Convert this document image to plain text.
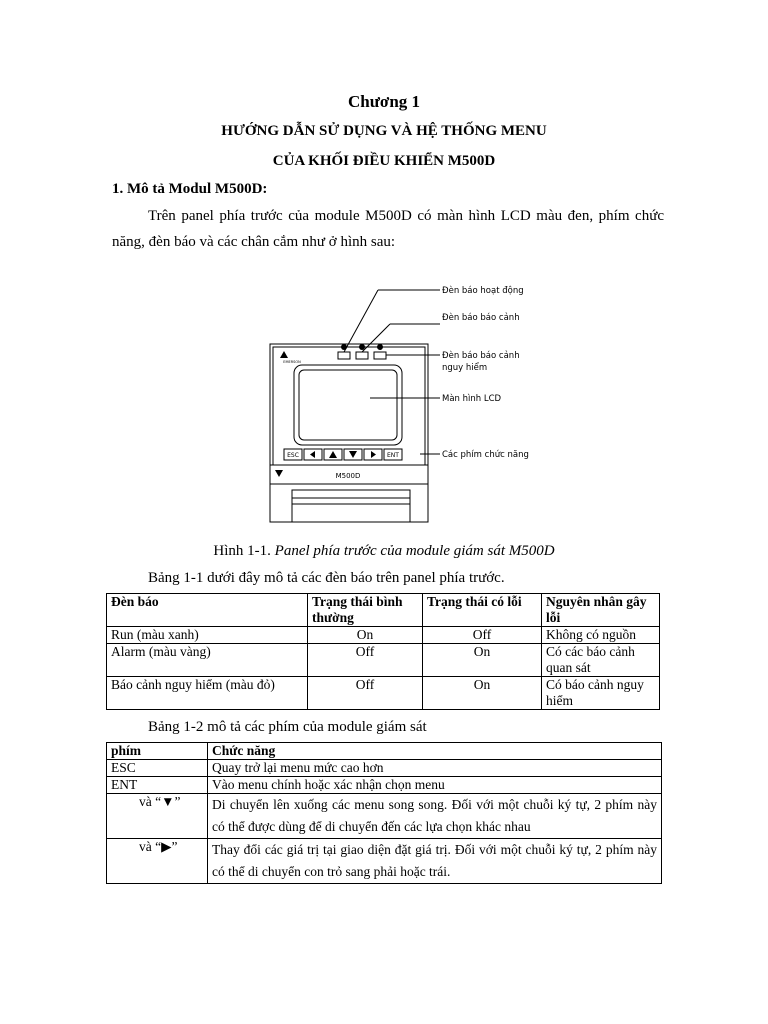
Chương 1
HƯỚNG DẪN SỬ DỤNG VÀ HỆ THỐNG MENU
CỦA KHỐI ĐIỀU KHIỂN M500D
1. Mô tả Modul M500D:
Trên panel phía trước của module M500D có màn hình LCD màu đen, phím chức năng, đèn báo và các chân cắm như ở hình sau:
Đèn báo hoạt động
Đèn báo báo cảnh
Đèn báo báo cảnh
nguy hiểm
Màn hình LCD
Các phím chức năng
ESC	ENT
M500D
EMERSON
Hình 1-1. Panel phía trước của module giám sát M500D
Bảng 1-1 dưới đây mô tả các đèn báo trên panel phía trước.
Đèn báo	Trạng thái bình thường	Trạng thái có lỗi	Nguyên nhân gây lỗi
Run (màu xanh)	On	Off	Không có nguồn
Alarm (màu vàng)	Off	On	Có các báo cảnh quan sát
Báo cảnh nguy hiểm (màu đỏ)	Off	On	Có báo cảnh nguy hiểm
Bảng 1-2 mô tả các phím của module giám sát
phím	Chức năng
ESC	Quay trở lại menu mức cao hơn
ENT	Vào menu chính hoặc xác nhận chọn menu
và “▼”	Di chuyển lên xuống các menu song song. Đối với một chuỗi ký tự, 2 phím này có thể được dùng để di chuyển đến các lựa chọn khác nhau
và “▶”	Thay đổi các giá trị tại giao diện đặt giá trị. Đối với một chuỗi ký tự, 2 phím này có thể di chuyển con trỏ sang phải hoặc trái.
